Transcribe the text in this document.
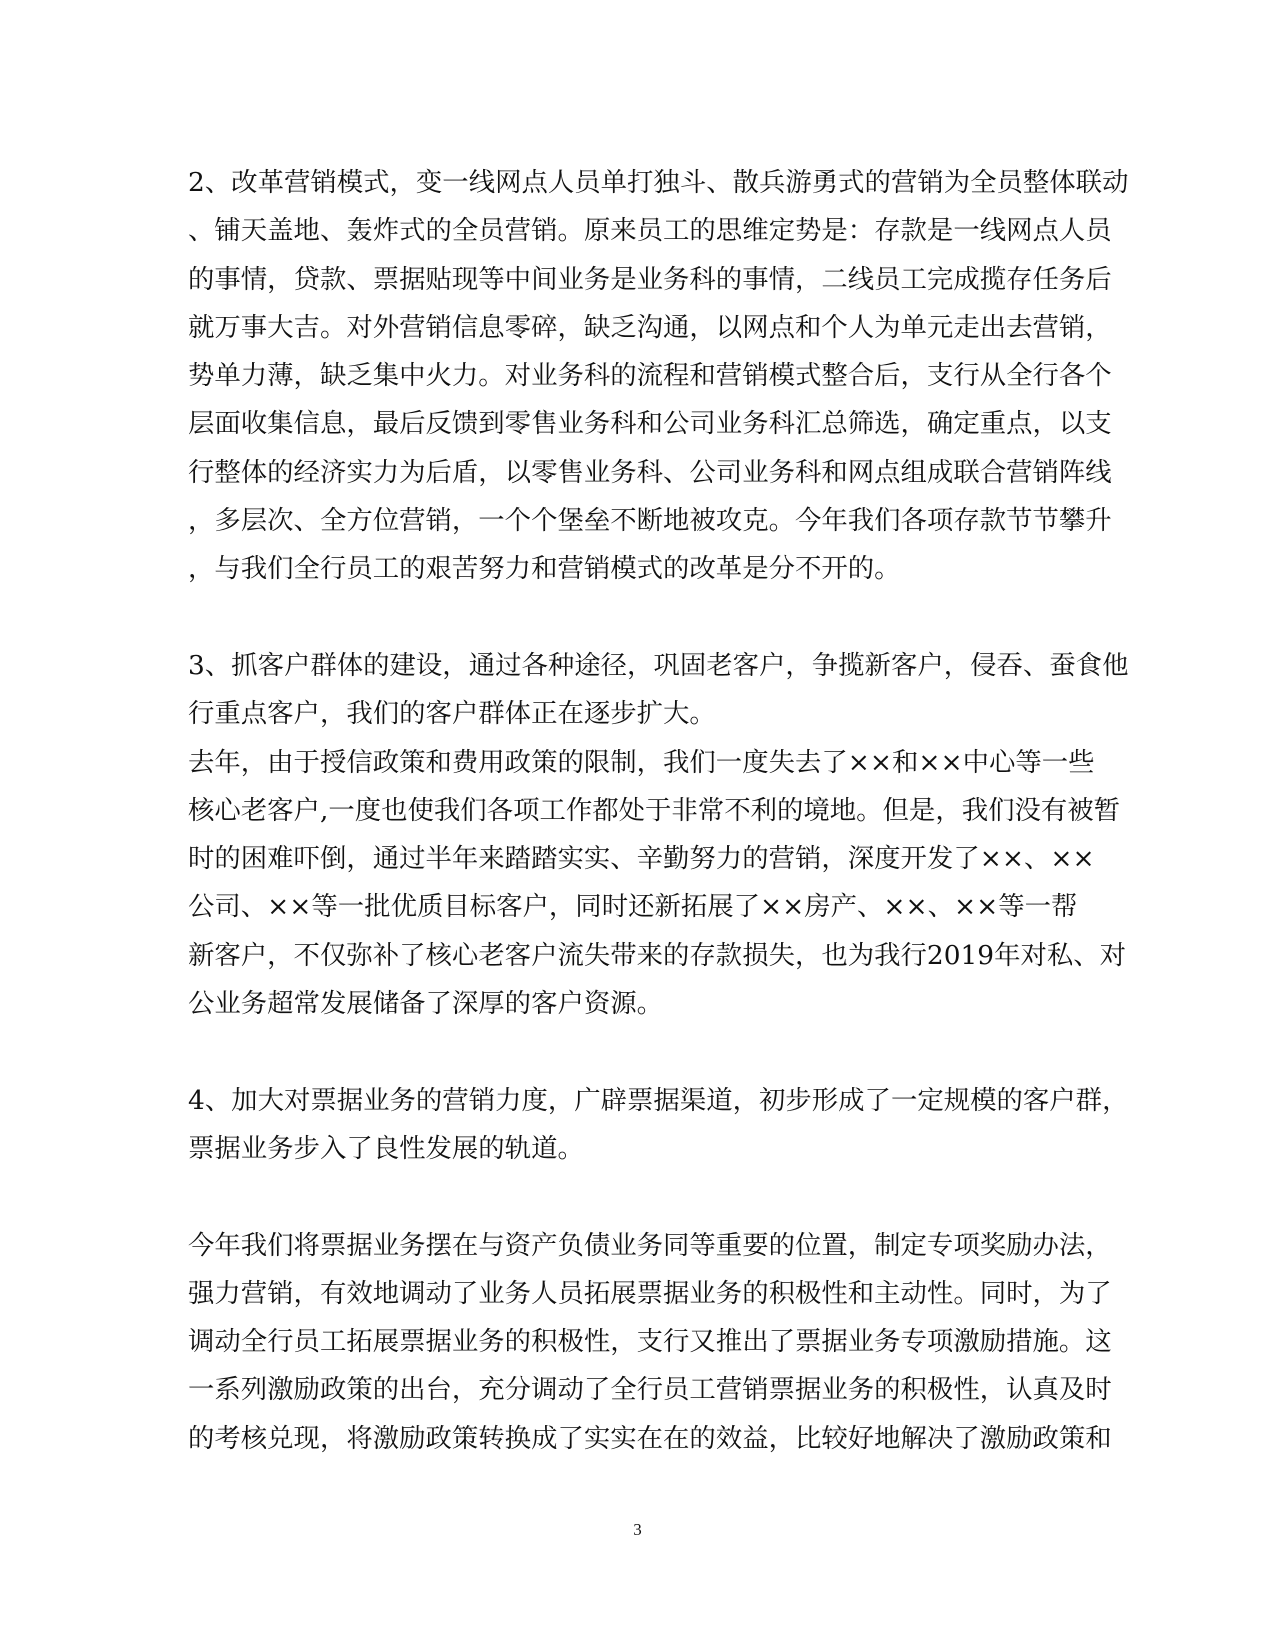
2、改革营销模式，变一线网点人员单打独斗、散兵游勇式的营销为全员整体联动
、铺天盖地、轰炸式的全员营销。原来员工的思维定势是：存款是一线网点人员
的事情，贷款、票据贴现等中间业务是业务科的事情，二线员工完成揽存任务后
就万事大吉。对外营销信息零碎，缺乏沟通，以网点和个人为单元走出去营销，
势单力薄，缺乏集中火力。对业务科的流程和营销模式整合后，支行从全行各个
层面收集信息，最后反馈到零售业务科和公司业务科汇总筛选，确定重点，以支
行整体的经济实力为后盾，以零售业务科、公司业务科和网点组成联合营销阵线
，多层次、全方位营销，一个个堡垒不断地被攻克。今年我们各项存款节节攀升
，与我们全行员工的艰苦努力和营销模式的改革是分不开的。
3、抓客户群体的建设，通过各种途径，巩固老客户，争揽新客户，侵吞、蚕食他
行重点客户，我们的客户群体正在逐步扩大。
去年，由于授信政策和费用政策的限制，我们一度失去了××和××中心等一些
核心老客户,一度也使我们各项工作都处于非常不利的境地。但是，我们没有被暂
时的困难吓倒，通过半年来踏踏实实、辛勤努力的营销，深度开发了××、××
公司、××等一批优质目标客户，同时还新拓展了××房产、××、××等一帮
新客户，不仅弥补了核心老客户流失带来的存款损失，也为我行2019年对私、对
公业务超常发展储备了深厚的客户资源。
4、加大对票据业务的营销力度，广辟票据渠道，初步形成了一定规模的客户群，
票据业务步入了良性发展的轨道。
今年我们将票据业务摆在与资产负债业务同等重要的位置，制定专项奖励办法，
强力营销，有效地调动了业务人员拓展票据业务的积极性和主动性。同时，为了
调动全行员工拓展票据业务的积极性，支行又推出了票据业务专项激励措施。这
一系列激励政策的出台，充分调动了全行员工营销票据业务的积极性，认真及时
的考核兑现，将激励政策转换成了实实在在的效益，比较好地解决了激励政策和
3
